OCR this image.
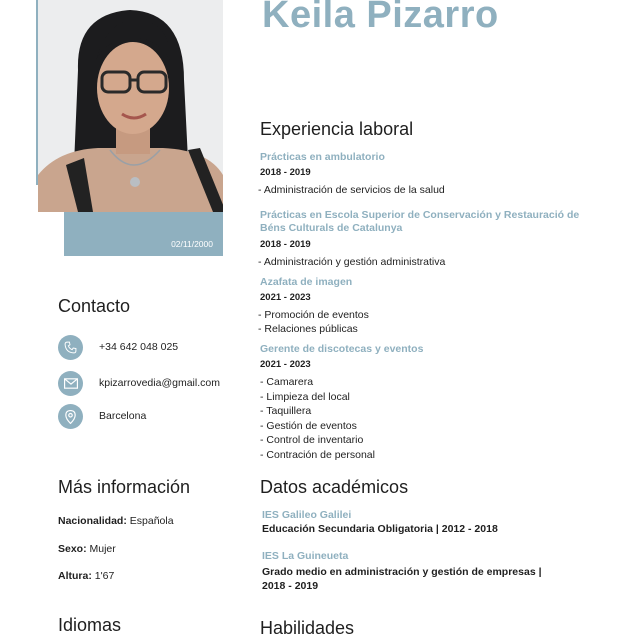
02/11/2000
Contacto
+34 642 048 025
kpizarrovedia@gmail.com
Barcelona
Más información
Nacionalidad: Española
Sexo: Mujer
Altura: 1'67
Idiomas
Keila Pizarro
Experiencia laboral
Prácticas en ambulatorio
2018 - 2019
- Administración de servicios de la salud
Prácticas en Escola Superior de Conservación y Restauració de
Béns Culturals de Catalunya
2018 - 2019
- Administración y gestión administrativa
Azafata de imagen
2021 - 2023
- Promoción de eventos
- Relaciones públicas
Gerente de discotecas y eventos
2021 - 2023
- Camarera
- Limpieza del local
- Taquillera
- Gestión de eventos
- Control de inventario
- Contración de personal
Datos académicos
IES Galileo Galilei
Educación Secundaria Obligatoria | 2012 - 2018
IES La Guineueta
Grado medio en administración y gestión de empresas |
2018 - 2019
Habilidades
